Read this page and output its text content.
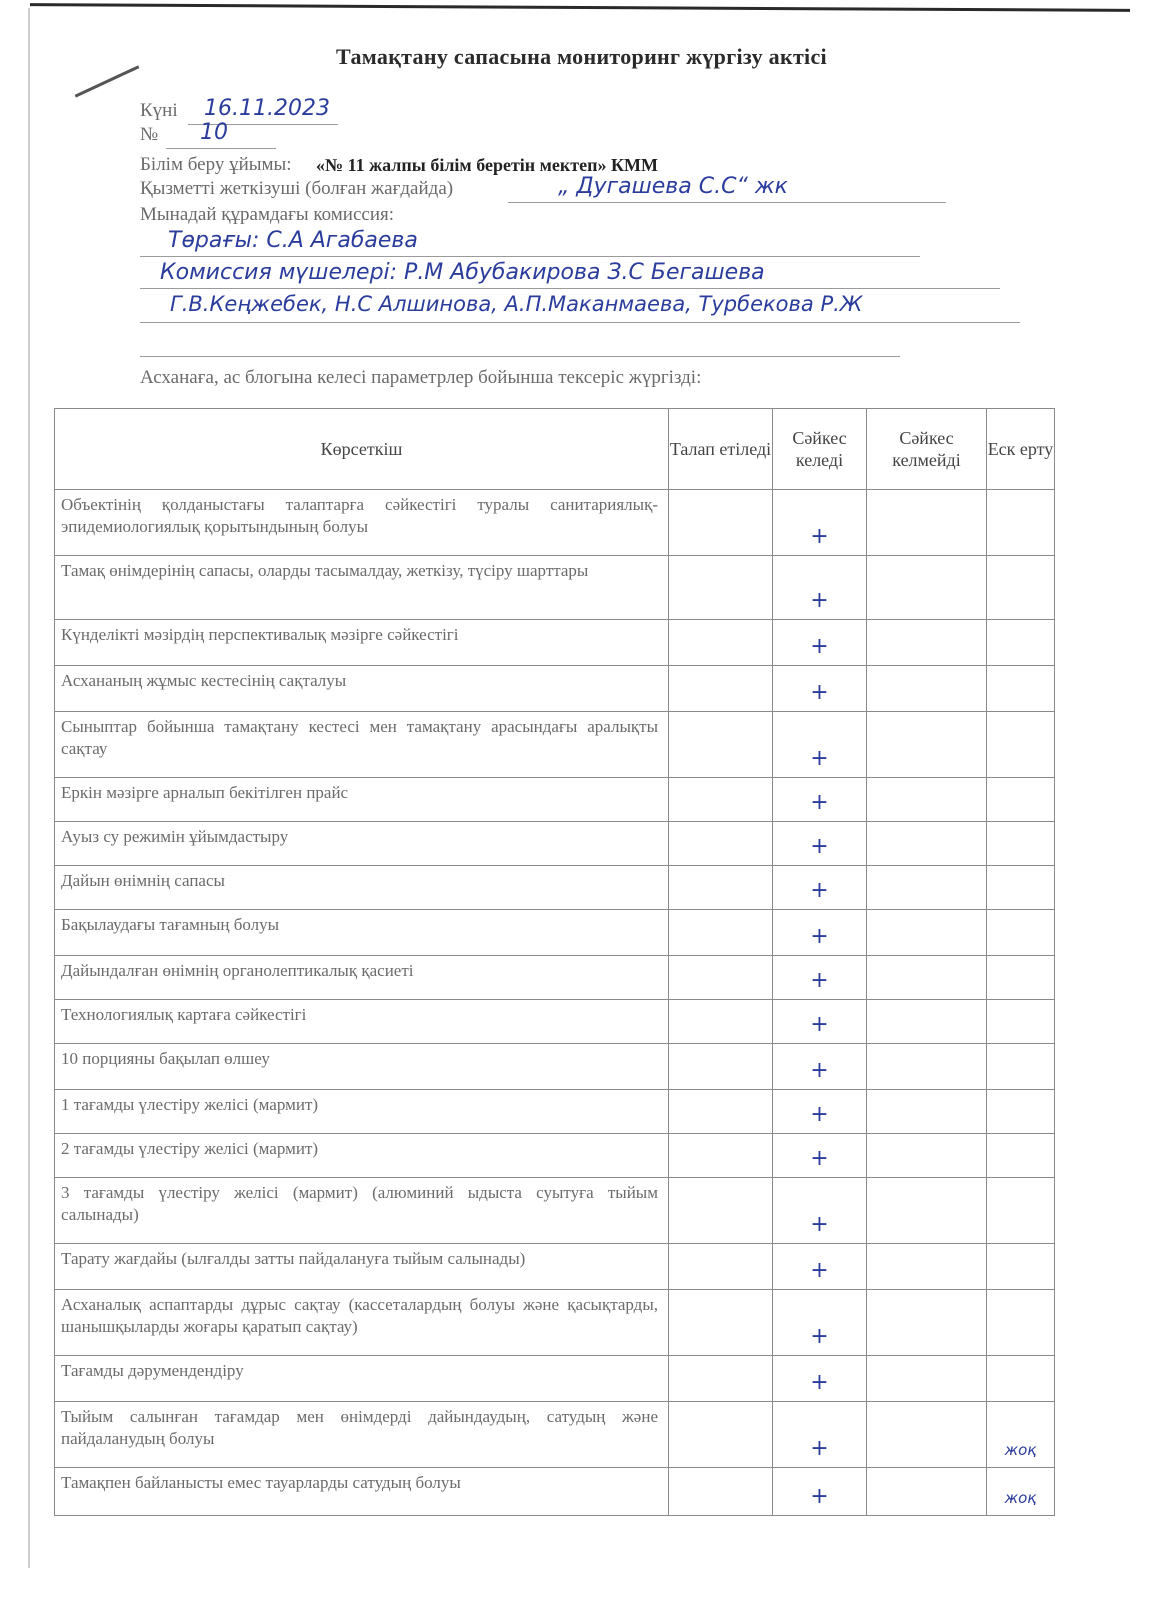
Тамақтану сапасына мониторинг жүргізу актісі
Күні 16.11.2023
№ 10
Білім беру ұйымы: «№ 11 жалпы білім беретін мектеп» КММ
Қызметті жеткізуші (болған жағдайда)	„ Дугашева С.С“ жк
Мынадай құрамдағы комиссия:
Төрағы: С.А Агабаева
Комиссия мүшелері: Р.М Абубакирова З.С Бегашева
Г.В.Кеңжебек, Н.С Алшинова, А.П.Маканмаева, Турбекова Р.Ж
Асханаға, ас блогына келесі параметрлер бойынша тексеріс жүргізді:
Көрсеткіш	Талап етіледі	Сәйкес келеді	Сәйкес келмейді	Еск ерту
Объектінің қолданыстағы талаптарға сәйкестігі туралы санитариялық-эпидемиологиялық қорытындының болуы		+		
Тамақ өнімдерінің сапасы, оларды тасымалдау, жеткізу, түсіру шарттары		+		
Күнделікті мәзірдің перспективалық мәзірге сәйкестігі		+		
Асхананың жұмыс кестесінің сақталуы		+		
Сыныптар бойынша тамақтану кестесі мен тамақтану арасындағы аралықты сақтау		+		
Еркін мәзірге арналып бекітілген прайс		+		
Ауыз су режимін ұйымдастыру		+		
Дайын өнімнің сапасы		+		
Бақылаудағы тағамның болуы		+		
Дайындалған өнімнің органолептикалық қасиеті		+		
Технологиялық картаға сәйкестігі		+		
10 порцияны бақылап өлшеу		+		
1 тағамды үлестіру желісі (мармит)		+		
2 тағамды үлестіру желісі (мармит)		+		
3 тағамды үлестіру желісі (мармит) (алюминий ыдыста суытуға тыйым салынады)		+		
Тарату жағдайы (ылғалды затты пайдалануға тыйым салынады)		+		
Асханалық аспаптарды дұрыс сақтау (кассеталардың болуы және қасықтарды, шанышқыларды жоғары қаратып сақтау)		+		
Тағамды дәрумендендіру		+		
Тыйым салынған тағамдар мен өнімдерді дайындаудың, сатудың және пайдаланудың болуы		+		жоқ
Тамақпен байланысты емес тауарларды сатудың болуы		+		жоқ
